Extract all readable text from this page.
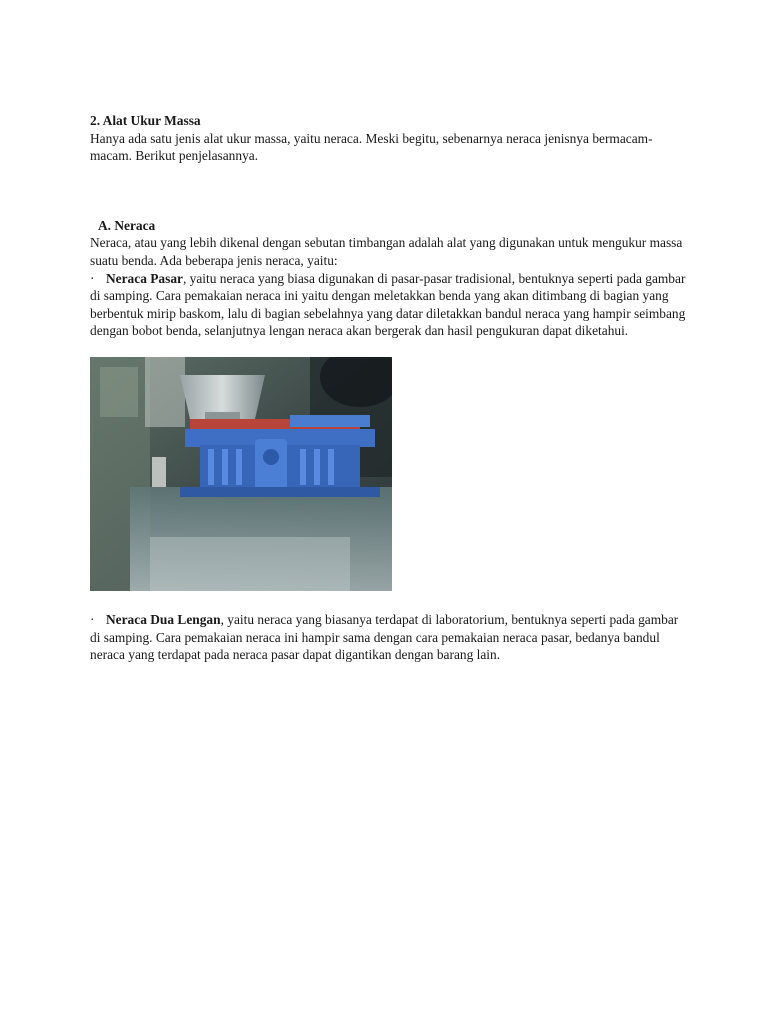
2. Alat Ukur Massa

Hanya ada satu jenis alat ukur massa, yaitu neraca. Meski begitu, sebenarnya neraca jenisnya bermacam-macam. Berikut penjelasannya.

A. Neraca

Neraca, atau yang lebih dikenal dengan sebutan timbangan adalah alat yang digunakan untuk mengukur massa suatu benda. Ada beberapa jenis neraca, yaitu:

· Neraca Pasar, yaitu neraca yang biasa digunakan di pasar-pasar tradisional, bentuknya seperti pada gambar di samping. Cara pemakaian neraca ini yaitu dengan meletakkan benda yang akan ditimbang di bagian yang berbentuk mirip baskom, lalu di bagian sebelahnya yang datar diletakkan bandul neraca yang hampir seimbang dengan bobot benda, selanjutnya lengan neraca akan bergerak dan hasil pengukuran dapat diketahui.

· Neraca Dua Lengan, yaitu neraca yang biasanya terdapat di laboratorium, bentuknya seperti pada gambar di samping. Cara pemakaian neraca ini hampir sama dengan cara pemakaian neraca pasar, bedanya bandul neraca yang terdapat pada neraca pasar dapat digantikan dengan barang lain.
